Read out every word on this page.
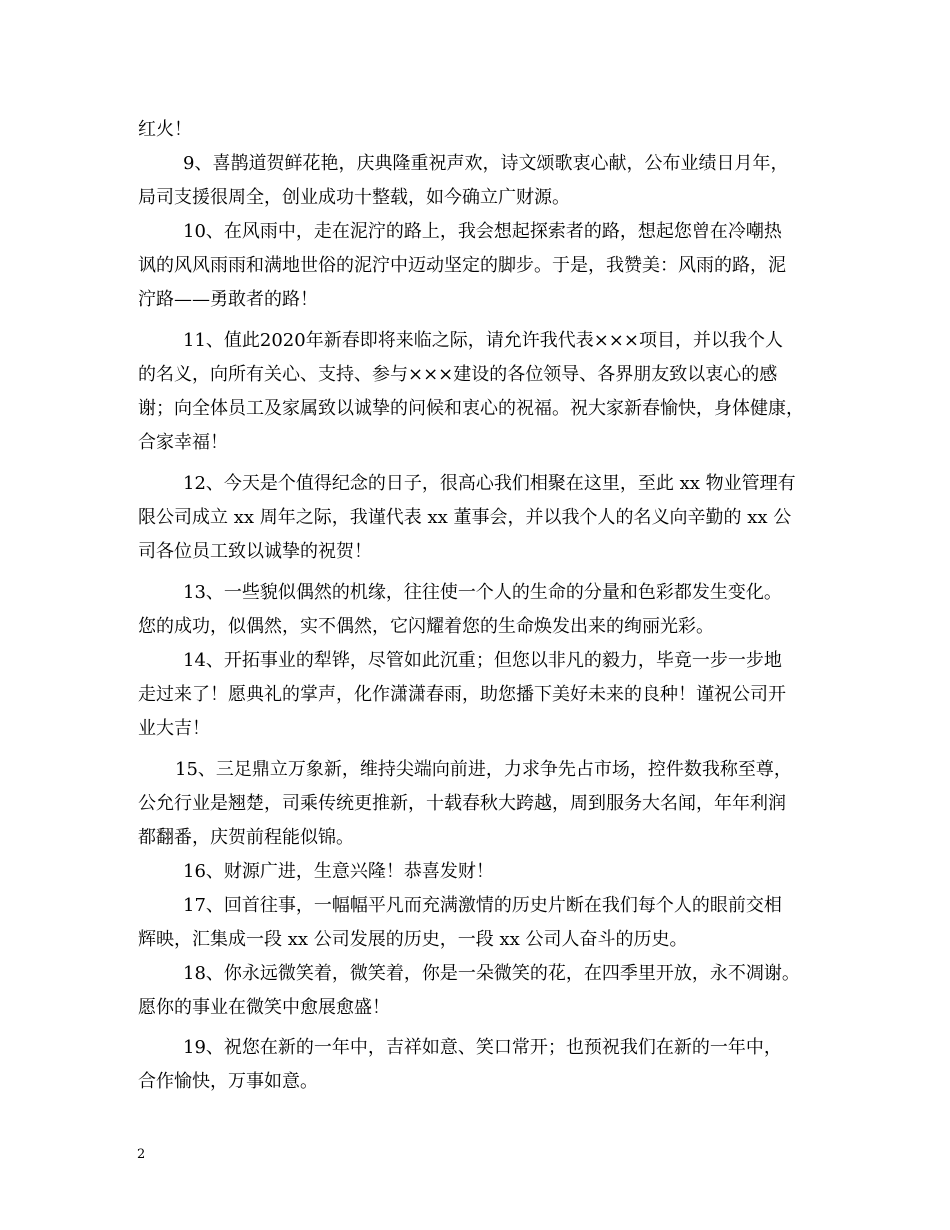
红火！
9、喜鹊道贺鲜花艳，庆典隆重祝声欢，诗文颂歌衷心献，公布业绩日月年，
局司支援很周全，创业成功十整载，如今确立广财源。
10、在风雨中，走在泥泞的路上，我会想起探索者的路，想起您曾在冷嘲热
讽的风风雨雨和满地世俗的泥泞中迈动坚定的脚步。于是，我赞美：风雨的路，泥
泞路——勇敢者的路！
11、值此2020年新春即将来临之际，请允许我代表×××项目，并以我个人
的名义，向所有关心、支持、参与×××建设的各位领导、各界朋友致以衷心的感
谢；向全体员工及家属致以诚挚的问候和衷心的祝福。祝大家新春愉快，身体健康，
合家幸福！
12、今天是个值得纪念的日子，很高心我们相聚在这里，至此 xx 物业管理有
限公司成立 xx 周年之际，我谨代表 xx 董事会，并以我个人的名义向辛勤的 xx 公
司各位员工致以诚挚的祝贺！
13、一些貌似偶然的机缘，往往使一个人的生命的分量和色彩都发生变化。
您的成功，似偶然，实不偶然，它闪耀着您的生命焕发出来的绚丽光彩。
14、开拓事业的犁铧，尽管如此沉重；但您以非凡的毅力，毕竟一步一步地
走过来了！愿典礼的掌声，化作潇潇春雨，助您播下美好未来的良种！谨祝公司开
业大吉！
15、三足鼎立万象新，维持尖端向前进，力求争先占市场，控件数我称至尊，
公允行业是翘楚，司乘传统更推新，十载春秋大跨越，周到服务大名闻，年年利润
都翻番，庆贺前程能似锦。
16、财源广进，生意兴隆！恭喜发财！
17、回首往事，一幅幅平凡而充满激情的历史片断在我们每个人的眼前交相
辉映，汇集成一段 xx 公司发展的历史，一段 xx 公司人奋斗的历史。
18、你永远微笑着，微笑着，你是一朵微笑的花，在四季里开放，永不凋谢。
愿你的事业在微笑中愈展愈盛！
19、祝您在新的一年中，吉祥如意、笑口常开；也预祝我们在新的一年中，
合作愉快，万事如意。
2
